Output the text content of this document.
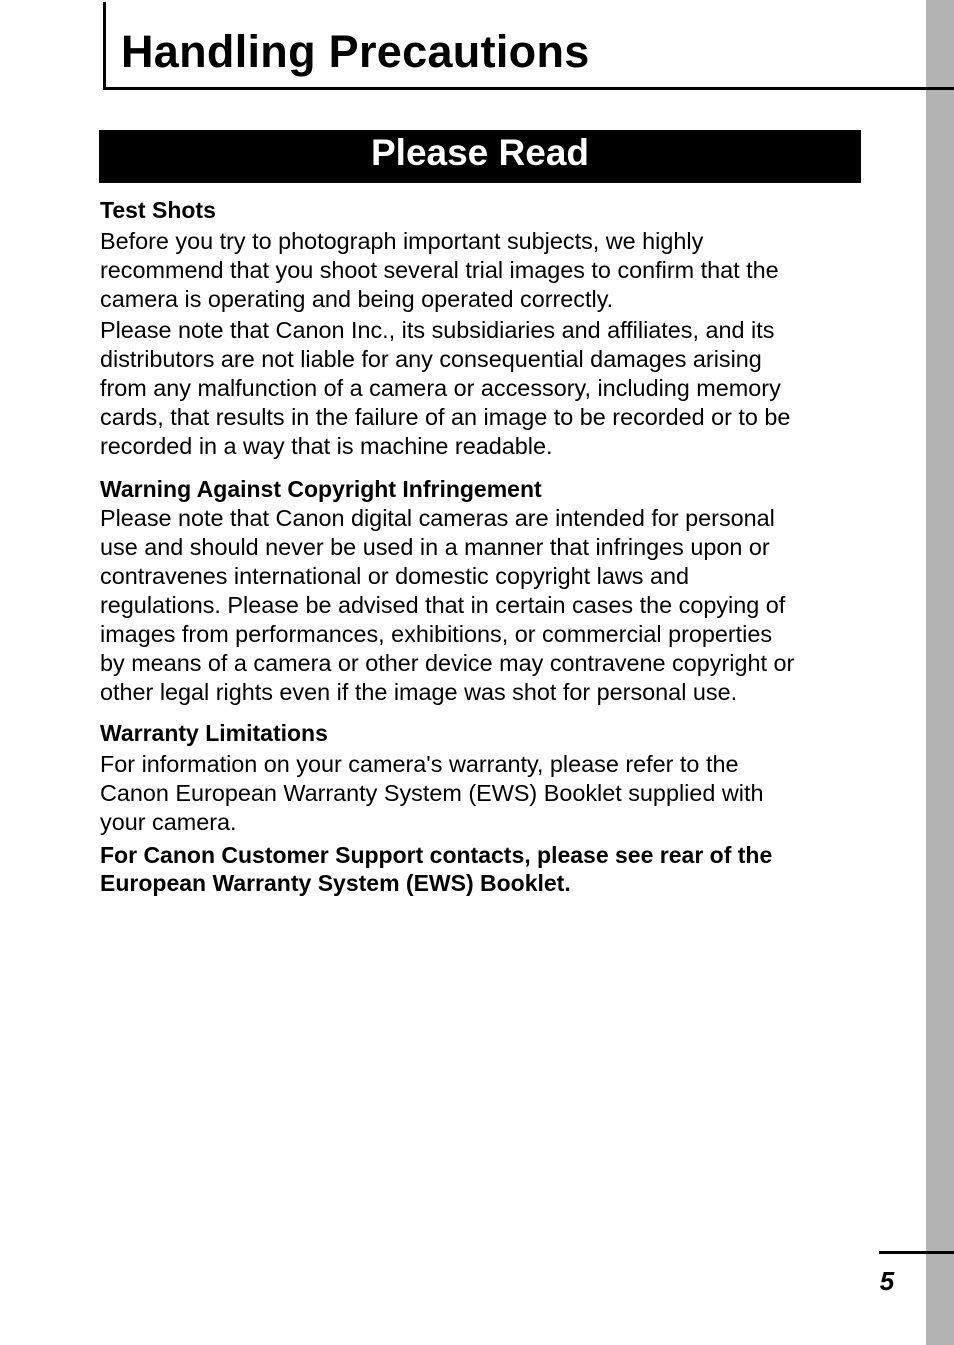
Handling Precautions
Please Read
Test Shots

Before you try to photograph important subjects, we highly
recommend that you shoot several trial images to confirm that the
camera is operating and being operated correctly.

Please note that Canon Inc., its subsidiaries and affiliates, and its
distributors are not liable for any consequential damages arising
from any malfunction of a camera or accessory, including memory
cards, that results in the failure of an image to be recorded or to be
recorded in a way that is machine readable.

Warning Against Copyright Infringement

Please note that Canon digital cameras are intended for personal
use and should never be used in a manner that infringes upon or
contravenes international or domestic copyright laws and
regulations. Please be advised that in certain cases the copying of
images from performances, exhibitions, or commercial properties
by means of a camera or other device may contravene copyright or
other legal rights even if the image was shot for personal use.

Warranty Limitations

For information on your camera's warranty, please refer to the
Canon European Warranty System (EWS) Booklet supplied with
your camera.

For Canon Customer Support contacts, please see rear of the
European Warranty System (EWS) Booklet.

5
